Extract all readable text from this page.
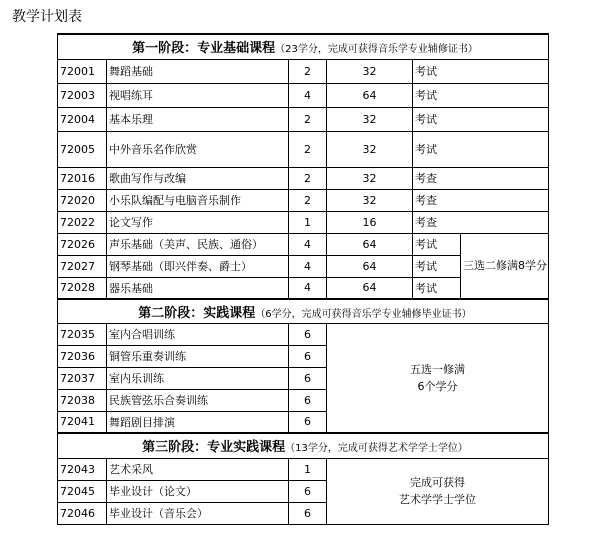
教学计划表
第一阶段：专业基础课程（23学分，完成可获得音乐学专业辅修证书）					
72001	舞蹈基础	2	32	考试	
72003	视唱练耳	4	64	考试	
72004	基本乐理	2	32	考试	
72005	中外音乐名作欣赏	2	32	考试	
72016	歌曲写作与改编	2	32	考查	
72020	小乐队编配与电脑音乐制作	2	32	考查	
72022	论文写作	1	16	考查	
72026	声乐基础（美声、民族、通俗）	4	64	考试	三选二修满8学分
72027	钢琴基础（即兴伴奏、爵士）	4	64	考试	
72028	器乐基础	4	64	考试	
第二阶段：实践课程（6学分，完成可获得音乐学专业辅修毕业证书）					
72035	室内合唱训练	6	五选一修满
6个学分		
72036	铜管乐重奏训练	6			
72037	室内乐训练	6			
72038	民族管弦乐合奏训练	6			
72041	舞蹈剧目排演	6			
第三阶段：专业实践课程（13学分，完成可获得艺术学学士学位）					
72043	艺术采风	1	完成可获得
艺术学学士学位		
72045	毕业设计（论文）	6			
72046	毕业设计（音乐会）	6			
